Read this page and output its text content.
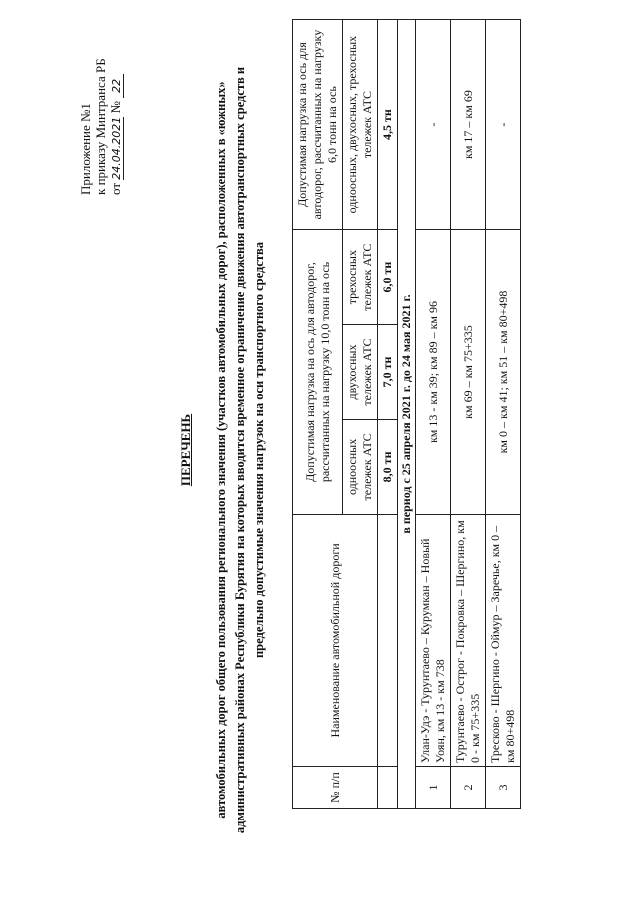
Приложение №1 к приказу Минтранса РБ от 24.04.2021 № 22

ПЕРЕЧЕНЬ автомобильных дорог общего пользования регионального значения (участков автомобильных дорог), расположенных в «южных» административных районах Республики Бурятия на которых вводится временное ограничение движения автотранспортных средств и предельно допустимые значения нагрузок на оси транспортного средства

№ п/п	Наименование автомобильной дороги	Допустимая нагрузка на ось для автодорог, рассчитанных на нагрузку 10,0 тонн на ось			Допустимая нагрузка на ось для автодорог, рассчитанных на нагрузку 6,0 тонн на ось
		одноосных тележек АТС	двухосных тележек АТС	трехосных тележек АТС	одноосных, двухосных, трехосных тележек АТС
		8,0 тн	7,0 тн	6,0 тн	4,5 тн
в период с 25 апреля 2021 г. до 24 мая 2021 г.					
1	Улан-Удэ - Турунтаево – Курумкан – Новый Уоян, км 13 - км 738	км 13 - км 39; км 89 – км 96			-
2	Турунтаево - Острог - Покровка – Шергино, км 0 - км 75+335	км 69 – км 75+335			км 17 – км 69
3	Тресково - Шергино - Оймур – Заречье, км 0 – км 80+498	км 0 – км 41; км 51 – км 80+498			-
